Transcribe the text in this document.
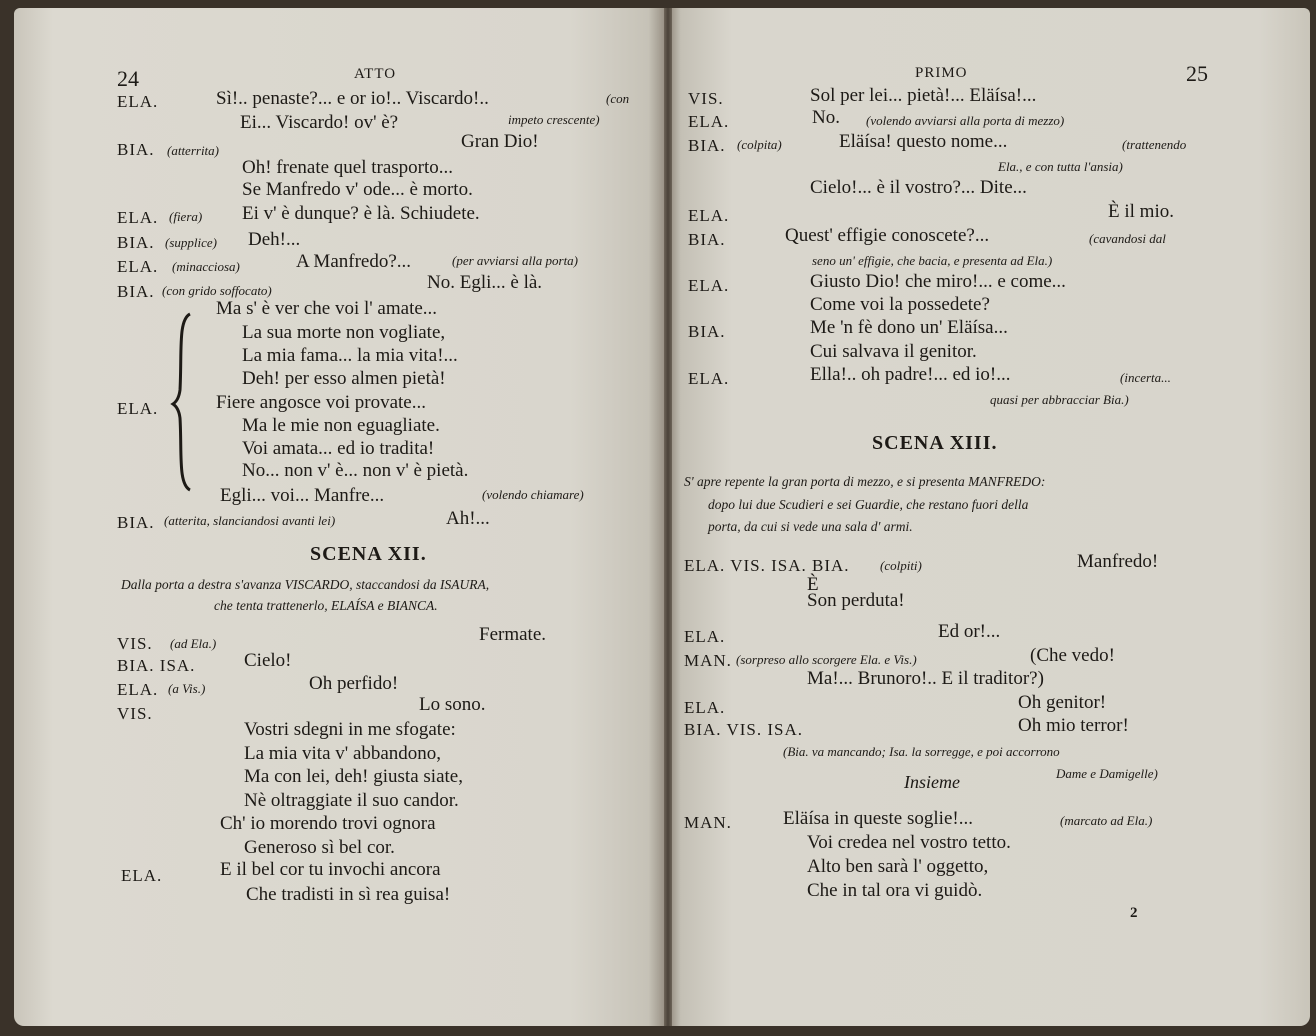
24	ATTO
ELA.	Sì!.. penaste?... e or io!.. Viscardo!..	(con
Ei... Viscardo! ov' è?	impeto crescente)
BIA. (atterrita)	Gran Dio!
Oh! frenate quel trasporto...
Se Manfredo v' ode... è morto.
ELA. (fiera) Ei v' è dunque? è là. Schiudete.
BIA. (supplice) Deh!...
ELA. (minacciosa)	A Manfredo?...	(per avviarsi alla porta)
BIA. (con grido soffocato)	No. Egli... è là.
Ma s' è ver che voi l' amate...
La sua morte non vogliate,
La mia fama... la mia vita!...
Deh! per esso almen pietà!
ELA.	Fiere angosce voi provate...
Ma le mie non eguagliate.
Voi amata... ed io tradita!
No... non v' è... non v' è pietà.
Egli... voi... Manfre...	(volendo chiamare)
BIA. (atterita, slanciandosi avanti lei)	Ah!...
SCENA XII.
Dalla porta a destra s'avanza VISCARDO, staccandosi da ISAURA,
che tenta trattenerlo, ELAÍSA e BIANCA.
VIS. (ad Ela.)	Fermate.
BIA. ISA.	Cielo!
ELA. (a Vis.)	Oh perfido!
VIS.	Lo sono.
Vostri sdegni in me sfogate:
La mia vita v' abbandono,
Ma con lei, deh! giusta siate,
Nè oltraggiate il suo candor.
Ch' io morendo trovi ognora
Generoso sì bel cor.
ELA.	E il bel cor tu invochi ancora
Che tradisti in sì rea guisa!
PRIMO	25
VIS.	Sol per lei... pietà!... Eläísa!...
ELA.	No. (volendo avviarsi alla porta di mezzo)
BIA. (colpita)	Eläísa! questo nome...	(trattenendo
Ela., e con tutta l'ansia)
Cielo!... è il vostro?... Dite...
ELA.	È il mio.
BIA.	Quest' effigie conoscete?...	(cavandosi dal
seno un' effigie, che bacia, e presenta ad Ela.)
ELA.	Giusto Dio! che miro!... e come...
Come voi la possedete?
BIA.	Me 'n fè dono un' Eläísa...
Cui salvava il genitor.
ELA.	Ella!.. oh padre!... ed io!...	(incerta...
quasi per abbracciar Bia.)
SCENA XIII.
S' apre repente la gran porta di mezzo, e si presenta MANFREDO:
dopo lui due Scudieri e sei Guardie, che restano fuori della
porta, da cui si vede una sala d' armi.
ELA. VIS. ISA. BIA. (colpiti)	Manfredo!
È
Son perduta!
ELA.	Ed or!...
MAN. (sorpreso allo scorgere Ela. e Vis.)	(Che vedo!
Ma!... Brunoro!.. E il traditor?)
ELA.	Oh genitor!
BIA. VIS. ISA.	Oh mio terror!
(Bia. va mancando; Isa. la sorregge, e poi accorrono
Dame e Damigelle)
Insieme
MAN.	Eläísa in queste soglie!...	(marcato ad Ela.)
Voi credea nel vostro tetto.
Alto ben sarà l' oggetto,
Che in tal ora vi guidò.
2
